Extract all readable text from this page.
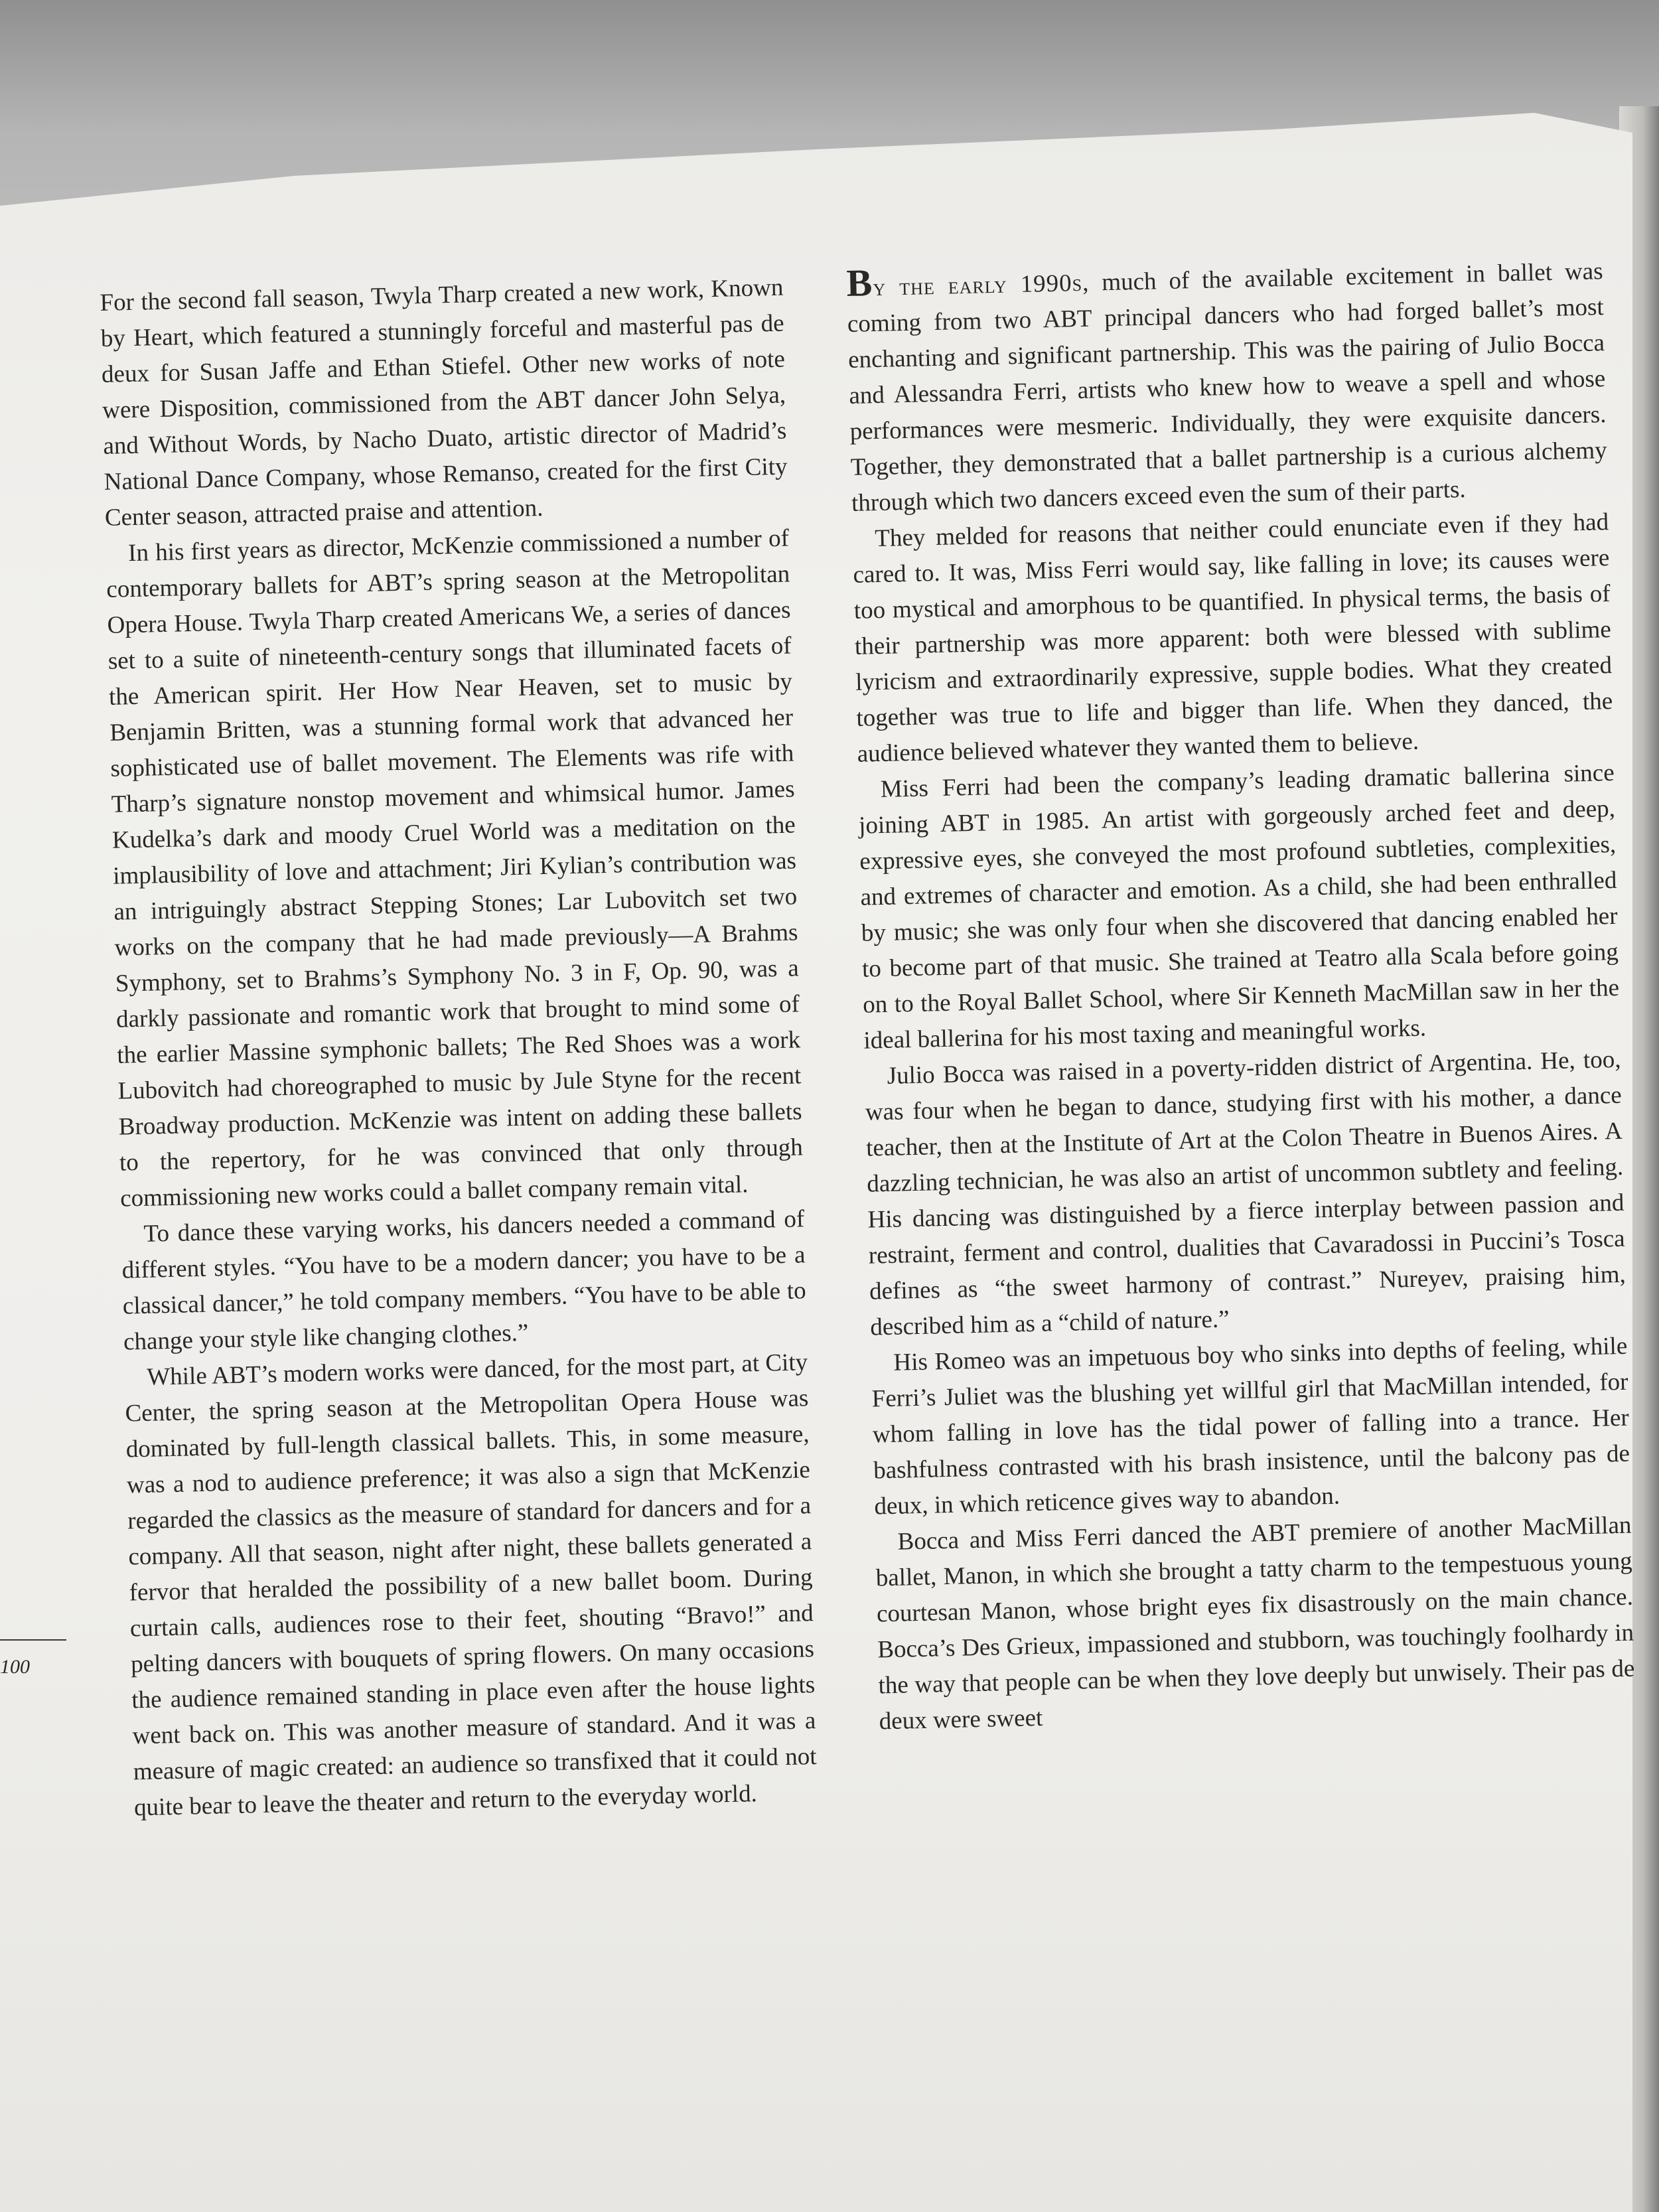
For the second fall season, Twyla Tharp created a new work, Known by Heart, which featured a stunningly forceful and masterful pas de deux for Susan Jaffe and Ethan Stiefel. Other new works of note were Disposition, commissioned from the ABT dancer John Selya, and Without Words, by Nacho Duato, artistic director of Madrid’s National Dance Company, whose Remanso, created for the first City Center season, attracted praise and attention.

In his first years as director, McKenzie commissioned a number of contemporary ballets for ABT’s spring season at the Metropolitan Opera House. Twyla Tharp created Americans We, a series of dances set to a suite of nineteenth-century songs that illuminated facets of the American spirit. Her How Near Heaven, set to music by Benjamin Britten, was a stunning formal work that advanced her sophisticated use of ballet movement. The Elements was rife with Tharp’s signature nonstop movement and whimsical humor. James Kudelka’s dark and moody Cruel World was a meditation on the implausibility of love and attachment; Jiri Kylian’s contribution was an intriguingly abstract Stepping Stones; Lar Lubovitch set two works on the company that he had made previously—A Brahms Symphony, set to Brahms’s Symphony No. 3 in F, Op. 90, was a darkly passionate and romantic work that brought to mind some of the earlier Massine symphonic ballets; The Red Shoes was a work Lubovitch had choreographed to music by Jule Styne for the recent Broadway production. McKenzie was intent on adding these ballets to the repertory, for he was convinced that only through commissioning new works could a ballet company remain vital.

To dance these varying works, his dancers needed a command of different styles. “You have to be a modern dancer; you have to be a classical dancer,” he told company members. “You have to be able to change your style like changing clothes.”

While ABT’s modern works were danced, for the most part, at City Center, the spring season at the Metropolitan Opera House was dominated by full-length classical ballets. This, in some measure, was a nod to audience preference; it was also a sign that McKenzie regarded the classics as the measure of standard for dancers and for a company. All that season, night after night, these ballets generated a fervor that heralded the possibility of a new ballet boom. During curtain calls, audiences rose to their feet, shouting “Bravo!” and pelting dancers with bouquets of spring flowers. On many occasions the audience remained standing in place even after the house lights went back on. This was another measure of standard. And it was a measure of magic created: an audience so transfixed that it could not quite bear to leave the theater and return to the everyday world.

By the early 1990s, much of the available excitement in ballet was coming from two ABT principal dancers who had forged ballet’s most enchanting and significant partnership. This was the pairing of Julio Bocca and Alessandra Ferri, artists who knew how to weave a spell and whose performances were mesmeric. Individually, they were exquisite dancers. Together, they demonstrated that a ballet partnership is a curious alchemy through which two dancers exceed even the sum of their parts.

They melded for reasons that neither could enunciate even if they had cared to. It was, Miss Ferri would say, like falling in love; its causes were too mystical and amorphous to be quantified. In physical terms, the basis of their partnership was more apparent: both were blessed with sublime lyricism and extraordinarily expressive, supple bodies. What they created together was true to life and bigger than life. When they danced, the audience believed whatever they wanted them to believe.

Miss Ferri had been the company’s leading dramatic ballerina since joining ABT in 1985. An artist with gorgeously arched feet and deep, expressive eyes, she conveyed the most profound subtleties, complexities, and extremes of character and emotion. As a child, she had been enthralled by music; she was only four when she discovered that dancing enabled her to become part of that music. She trained at Teatro alla Scala before going on to the Royal Ballet School, where Sir Kenneth MacMillan saw in her the ideal ballerina for his most taxing and meaningful works.

Julio Bocca was raised in a poverty-ridden district of Argentina. He, too, was four when he began to dance, studying first with his mother, a dance teacher, then at the Institute of Art at the Colon Theatre in Buenos Aires. A dazzling technician, he was also an artist of uncommon subtlety and feeling. His dancing was distinguished by a fierce interplay between passion and restraint, ferment and control, dualities that Cavaradossi in Puccini’s Tosca defines as “the sweet harmony of contrast.” Nureyev, praising him, described him as a “child of nature.”

His Romeo was an impetuous boy who sinks into depths of feeling, while Ferri’s Juliet was the blushing yet willful girl that MacMillan intended, for whom falling in love has the tidal power of falling into a trance. Her bashfulness contrasted with his brash insistence, until the balcony pas de deux, in which reticence gives way to abandon.

Bocca and Miss Ferri danced the ABT premiere of another MacMillan ballet, Manon, in which she brought a tatty charm to the tempestuous young courtesan Manon, whose bright eyes fix disastrously on the main chance. Bocca’s Des Grieux, impassioned and stubborn, was touchingly foolhardy in the way that people can be when they love deeply but unwisely. Their pas de deux were sweet

100
